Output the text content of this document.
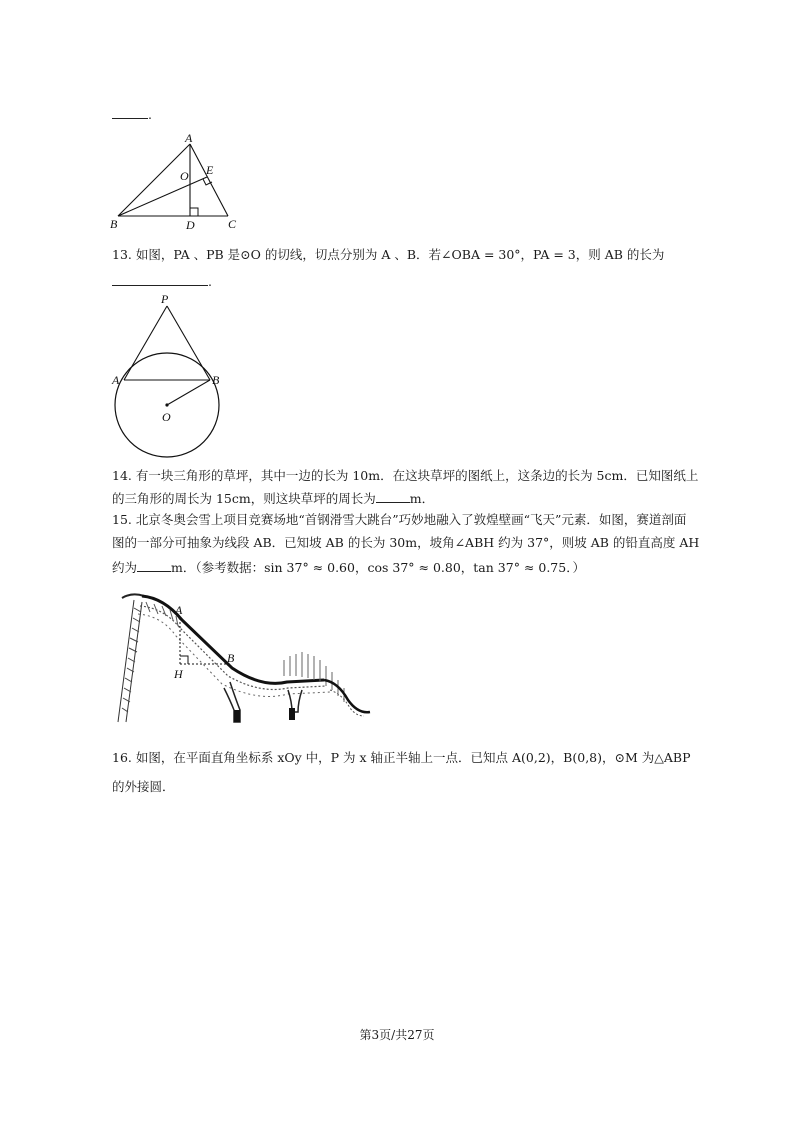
.
A
B	C
D
E
O
13. 如图，PA 、PB 是⊙O 的切线，切点分别为 A 、B．若∠OBA = 30°，PA = 3，则 AB 的长为
.
P
A	B
O
14. 有一块三角形的草坪，其中一边的长为 10m．在这块草坪的图纸上，这条边的长为 5cm．已知图纸上
的三角形的周长为 15cm，则这块草坪的周长为	m．
15. 北京冬奥会雪上项目竞赛场地“首钢滑雪大跳台”巧妙地融入了敦煌壁画“飞天”元素．如图，赛道剖面
图的一部分可抽象为线段 AB．已知坡 AB 的长为 30m，坡角∠ABH 约为 37°，则坡 AB 的铅直高度 AH
约为	m．（参考数据：sin 37° ≈ 0.60，cos 37° ≈ 0.80，tan 37° ≈ 0.75．）
A
B
H
16. 如图，在平面直角坐标系 xOy 中，P 为 x 轴正半轴上一点．已知点 A(0,2)，B(0,8)，⊙M 为△ABP
的外接圆．
第3页/共27页
